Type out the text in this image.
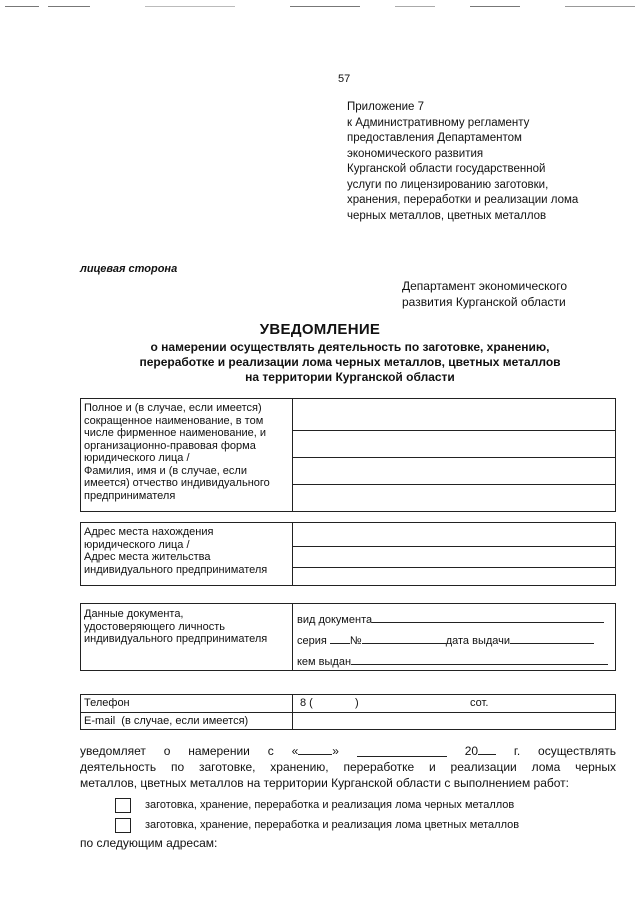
57
Приложение 7
к Административному регламенту
предоставления Департаментом
экономического развития
Курганской области государственной
услуги по лицензированию заготовки,
хранения, переработки и реализации лома
черных металлов, цветных металлов
лицевая сторона
Департамент экономического
развития Курганской области
УВЕДОМЛЕНИЕ
о намерении осуществлять деятельность по заготовке, хранению,
переработке и реализации лома черных металлов, цветных металлов
на территории Курганской области
Полное и (в случае, если имеется)
сокращенное наименование, в том
числе фирменное наименование, и
организационно-правовая форма
юридического лица /
Фамилия, имя и (в случае, если
имеется) отчество индивидуального
предпринимателя
Адрес места нахождения
юридического лица /
Адрес места жительства
индивидуального предпринимателя
Данные документа,
удостоверяющего личность
индивидуального предпринимателя
вид документа
серия №	дата выдачи
кем выдан
Телефон	8 (	)	сот.
E-mail  (в случае, если имеется)
уведомляет о намерении с «	»	20	г. осуществлять
деятельность по заготовке, хранению, переработке и реализации лома черных
металлов, цветных металлов на территории Курганской области с выполнением работ:
заготовка, хранение, переработка и реализация лома черных металлов
заготовка, хранение, переработка и реализация лома цветных металлов
по следующим адресам:
